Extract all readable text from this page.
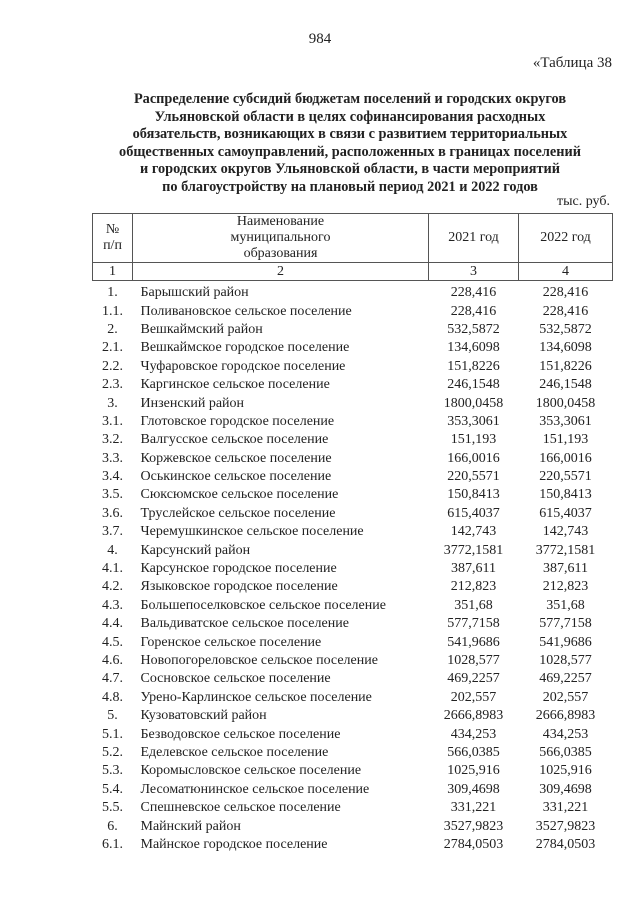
984
«Таблица 38
Распределение субсидий бюджетам поселений и городских округов
Ульяновской области в целях софинансирования расходных
обязательств, возникающих в связи с развитием территориальных
общественных самоуправлений, расположенных в границах поселений
и городских округов Ульяновской области, в части мероприятий
по благоустройству на плановый период 2021 и 2022 годов
тыс. руб.
№ п/п	Наименование муниципального образования	2021 год	2022 год
1	2	3	4
1.	Барышский район	228,416	228,416
1.1.	Поливановское сельское поселение	228,416	228,416
2.	Вешкаймский район	532,5872	532,5872
2.1.	Вешкаймское городское поселение	134,6098	134,6098
2.2.	Чуфаровское городское поселение	151,8226	151,8226
2.3.	Каргинское сельское поселение	246,1548	246,1548
3.	Инзенский район	1800,0458	1800,0458
3.1.	Глотовское городское поселение	353,3061	353,3061
3.2.	Валгусское сельское поселение	151,193	151,193
3.3.	Коржевское сельское поселение	166,0016	166,0016
3.4.	Оськинское сельское поселение	220,5571	220,5571
3.5.	Сюксюмское сельское поселение	150,8413	150,8413
3.6.	Труслейское сельское поселение	615,4037	615,4037
3.7.	Черемушкинское сельское поселение	142,743	142,743
4.	Карсунский район	3772,1581	3772,1581
4.1.	Карсунское городское поселение	387,611	387,611
4.2.	Языковское городское поселение	212,823	212,823
4.3.	Большепоселковское сельское поселение	351,68	351,68
4.4.	Вальдиватское сельское поселение	577,7158	577,7158
4.5.	Горенское сельское поселение	541,9686	541,9686
4.6.	Новопогореловское сельское поселение	1028,577	1028,577
4.7.	Сосновское сельское поселение	469,2257	469,2257
4.8.	Урено-Карлинское сельское поселение	202,557	202,557
5.	Кузоватовский район	2666,8983	2666,8983
5.1.	Безводовское сельское поселение	434,253	434,253
5.2.	Еделевское сельское поселение	566,0385	566,0385
5.3.	Коромысловское сельское поселение	1025,916	1025,916
5.4.	Лесоматюнинское сельское поселение	309,4698	309,4698
5.5.	Спешневское сельское поселение	331,221	331,221
6.	Майнский район	3527,9823	3527,9823
6.1.	Майнское городское поселение	2784,0503	2784,0503
